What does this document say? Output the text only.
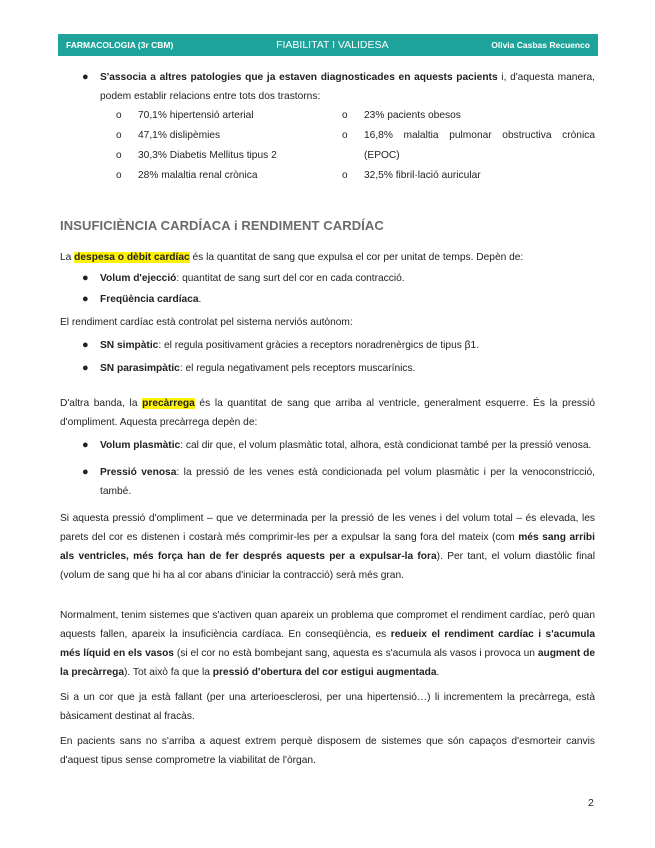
FARMACOLOGIA (3r CBM)	FIABILITAT I VALIDESA	Olivia Casbas Recuenco
● S'associa a altres patologies que ja estaven diagnosticades en aquests pacients i, d'aquesta manera, podem establir relacions entre tots dos trastorns:
o 70,1% hipertensió arterial
o 47,1% dislipèmies
o 30,3% Diabetis Mellitus tipus 2
o 28% malaltia renal crònica
o 23% pacients obesos
o 16,8% malaltia pulmonar obstructiva crònica (EPOC)
o 32,5% fibril·lació auricular
INSUFICIÈNCIA CARDÍACA i RENDIMENT CARDÍAC

La despesa o dèbit cardíac és la quantitat de sang que expulsa el cor per unitat de temps. Depèn de:

● Volum d'ejecció: quantitat de sang surt del cor en cada contracció.
● Freqüència cardíaca.

El rendiment cardíac està controlat pel sistema nerviós autònom:

● SN simpàtic: el regula positivament gràcies a receptors noradrenèrgics de tipus β1.
● SN parasimpàtic: el regula negativament pels receptors muscarínics.

D'altra banda, la precàrrega és la quantitat de sang que arriba al ventricle, generalment esquerre. És la pressió d'ompliment. Aquesta precàrrega depèn de:

● Volum plasmàtic: cal dir que, el volum plasmàtic total, alhora, està condicionat també per la pressió venosa.
● Pressió venosa: la pressió de les venes està condicionada pel volum plasmàtic i per la venoconstricció, també.

Si aquesta pressió d'ompliment – que ve determinada per la pressió de les venes i del volum total – és elevada, les parets del cor es distenen i costarà més comprimir-les per a expulsar la sang fora del mateix (com més sang arribi als ventricles, més força han de fer després aquests per a expulsar-la fora). Per tant, el volum diastòlic final (volum de sang que hi ha al cor abans d'iniciar la contracció) serà més gran.

Normalment, tenim sistemes que s'activen quan apareix un problema que compromet el rendiment cardíac, però quan aquests fallen, apareix la insuficiència cardíaca. En conseqüència, es redueix el rendiment cardíac i s'acumula més líquid en els vasos (si el cor no està bombejant sang, aquesta es s'acumula als vasos i provoca un augment de la precàrrega). Tot això fa que la pressió d'obertura del cor estigui augmentada.

Si a un cor que ja està fallant (per una arterioesclerosi, per una hipertensió…) li incrementem la precàrrega, està bàsicament destinat al fracàs.

En pacients sans no s'arriba a aquest extrem perquè disposem de sistemes que són capaços d'esmorteir canvis d'aquest tipus sense comprometre la viabilitat de l'òrgan.

2
